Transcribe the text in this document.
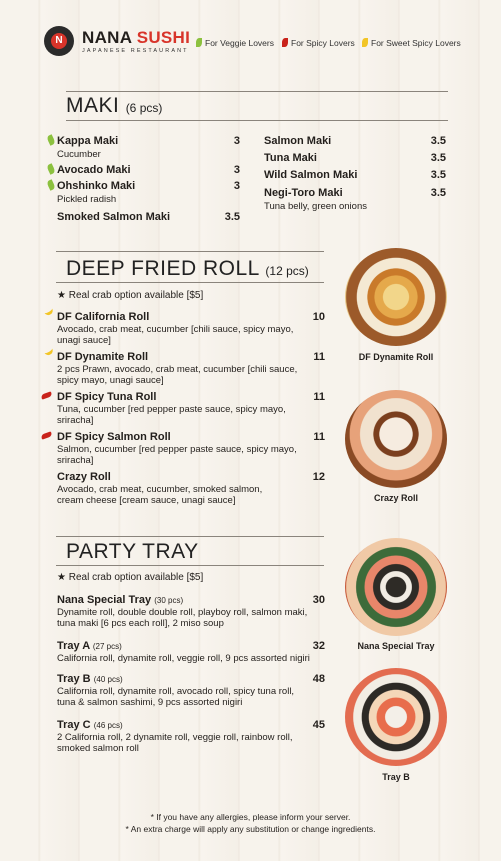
N NANA SUSHI
JAPANESE RESTAURANT
For Veggie Lovers	For Spicy Lovers	For Sweet Spicy Lovers
MAKI (6 pcs)
Kappa Maki	3
Cucumber
Avocado Maki	3
Ohshinko Maki	3
Pickled radish
Smoked Salmon Maki	3.5
Salmon Maki	3.5
Tuna Maki	3.5
Wild Salmon Maki	3.5
Negi-Toro Maki	3.5
Tuna belly, green onions
DEEP FRIED ROLL (12 pcs)
★ Real crab option available [$5]
DF California Roll	10
Avocado, crab meat, cucumber [chili sauce, spicy mayo,
unagi sauce]
DF Dynamite Roll	11
2 pcs Prawn, avocado, crab meat, cucumber [chili sauce,
spicy mayo, unagi sauce]
DF Spicy Tuna Roll	11
Tuna, cucumber [red pepper paste sauce, spicy mayo,
sriracha]
DF Spicy Salmon Roll	11
Salmon, cucumber [red pepper paste sauce, spicy mayo,
sriracha]
Crazy Roll	12
Avocado, crab meat, cucumber, smoked salmon,
cream cheese [cream sauce, unagi sauce]
DF Dynamite Roll
Crazy Roll
PARTY TRAY
★ Real crab option available [$5]
Nana Special Tray (30 pcs)	30
Dynamite roll, double double roll, playboy roll, salmon maki,
tuna maki [6 pcs each roll], 2 miso soup
Tray A (27 pcs)	32
California roll, dynamite roll, veggie roll, 9 pcs assorted nigiri
Tray B (40 pcs)	48
California roll, dynamite roll, avocado roll, spicy tuna roll,
tuna & salmon sashimi, 9 pcs assorted nigiri
Tray C (46 pcs)	45
2 California roll, 2 dynamite roll, veggie roll, rainbow roll,
smoked salmon roll
Nana Special Tray
Tray B
* If you have any allergies, please inform your server.
* An extra charge will apply any substitution or change ingredients.
